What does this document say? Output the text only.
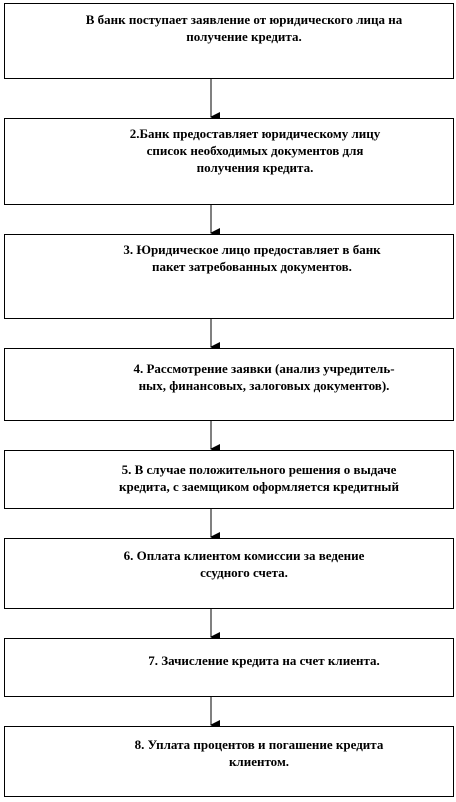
В банк поступает заявление от юридического лица на
получение кредита.
2.Банк предоставляет юридическому лицу
список необходимых документов для
получения кредита.
3. Юридическое лицо предоставляет в банк
пакет затребованных документов.
4. Рассмотрение заявки (анализ учредитель-
ных, финансовых, залоговых документов).
5. В случае положительного решения о выдаче
кредита, с заемщиком оформляется кредитный
6. Оплата клиентом комиссии за ведение
ссудного счета.
7. Зачисление кредита на счет клиента.
8. Уплата процентов и погашение кредита
клиентом.
